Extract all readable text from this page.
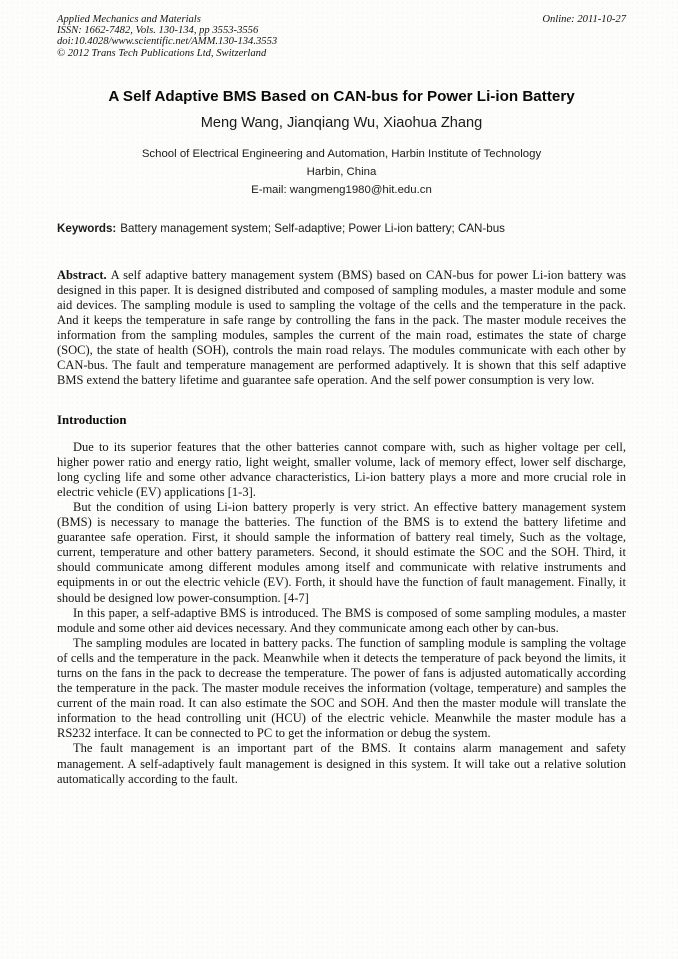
Applied Mechanics and Materials
ISSN: 1662-7482, Vols. 130-134, pp 3553-3556
doi:10.4028/www.scientific.net/AMM.130-134.3553
© 2012 Trans Tech Publications Ltd, Switzerland
Online: 2011-10-27
A Self Adaptive BMS Based on CAN-bus for Power Li-ion Battery
Meng Wang, Jianqiang Wu, Xiaohua Zhang
School of Electrical Engineering and Automation, Harbin Institute of Technology
Harbin, China
E-mail: wangmeng1980@hit.edu.cn
Keywords: Battery management system; Self-adaptive; Power Li-ion battery; CAN-bus

Abstract. A self adaptive battery management system (BMS) based on CAN-bus for power Li-ion battery was designed in this paper. It is designed distributed and composed of sampling modules, a master module and some aid devices. The sampling module is used to sampling the voltage of the cells and the temperature in the pack. And it keeps the temperature in safe range by controlling the fans in the pack. The master module receives the information from the sampling modules, samples the current of the main road, estimates the state of charge (SOC), the state of health (SOH), controls the main road relays. The modules communicate with each other by CAN-bus. The fault and temperature management are performed adaptively. It is shown that this self adaptive BMS extend the battery lifetime and guarantee safe operation. And the self power consumption is very low.

Introduction

Due to its superior features that the other batteries cannot compare with, such as higher voltage per cell, higher power ratio and energy ratio, light weight, smaller volume, lack of memory effect, lower self discharge, long cycling life and some other advance characteristics, Li-ion battery plays a more and more crucial role in electric vehicle (EV) applications [1-3].

But the condition of using Li-ion battery properly is very strict. An effective battery management system (BMS) is necessary to manage the batteries. The function of the BMS is to extend the battery lifetime and guarantee safe operation. First, it should sample the information of battery real timely, Such as the voltage, current, temperature and other battery parameters. Second, it should estimate the SOC and the SOH. Third, it should communicate among different modules among itself and communicate with relative instruments and equipments in or out the electric vehicle (EV). Forth, it should have the function of fault management. Finally, it should be designed low power-consumption. [4-7]

In this paper, a self-adaptive BMS is introduced. The BMS is composed of some sampling modules, a master module and some other aid devices necessary. And they communicate among each other by can-bus.

The sampling modules are located in battery packs. The function of sampling module is sampling the voltage of cells and the temperature in the pack. Meanwhile when it detects the temperature of pack beyond the limits, it turns on the fans in the pack to decrease the temperature. The power of fans is adjusted automatically according the temperature in the pack. The master module receives the information (voltage, temperature) and samples the current of the main road. It can also estimate the SOC and SOH. And then the master module will translate the information to the head controlling unit (HCU) of the electric vehicle. Meanwhile the master module has a RS232 interface. It can be connected to PC to get the information or debug the system.

The fault management is an important part of the BMS. It contains alarm management and safety management. A self-adaptively fault management is designed in this system. It will take out a relative solution automatically according to the fault.
